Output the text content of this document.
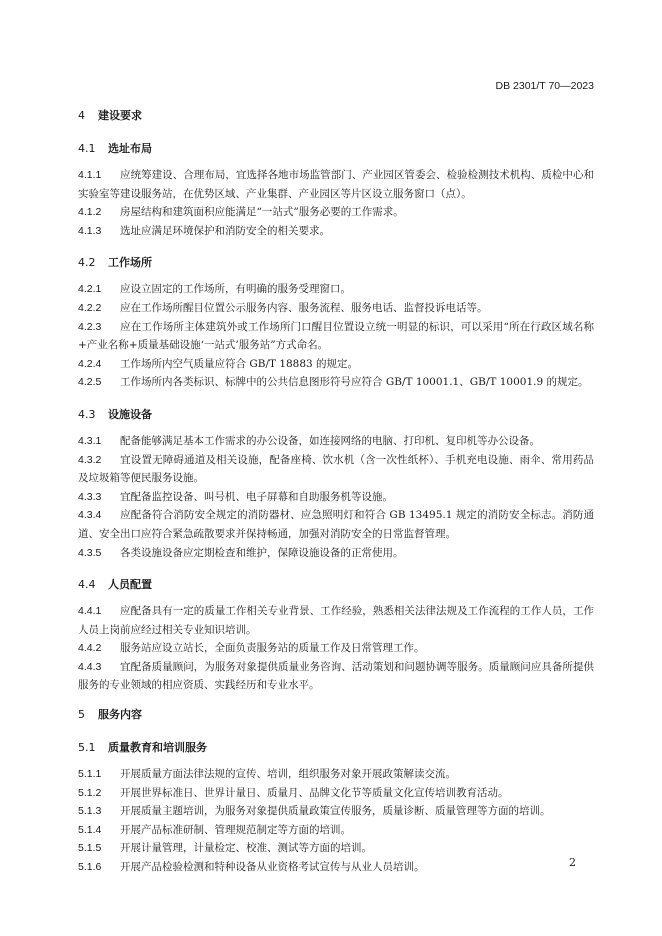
DB 2301/T 70—2023
4 建设要求
4.1 选址布局
4.1.1 应统筹建设、合理布局，宜选择各地市场监管部门、产业园区管委会、检验检测技术机构、质检中心和实验室等建设服务站，在优势区域、产业集群、产业园区等片区设立服务窗口（点）。
4.1.2 房屋结构和建筑面积应能满足“一站式”服务必要的工作需求。
4.1.3 选址应满足环境保护和消防安全的相关要求。
4.2 工作场所
4.2.1 应设立固定的工作场所，有明确的服务受理窗口。
4.2.2 应在工作场所醒目位置公示服务内容、服务流程、服务电话、监督投诉电话等。
4.2.3 应在工作场所主体建筑外或工作场所门口醒目位置设立统一明显的标识，可以采用“所在行政区域名称+产业名称+质量基础设施‘一站式’服务站”方式命名。
4.2.4 工作场所内空气质量应符合 GB/T 18883 的规定。
4.2.5 工作场所内各类标识、标牌中的公共信息图形符号应符合 GB/T 10001.1、GB/T 10001.9 的规定。
4.3 设施设备
4.3.1 配备能够满足基本工作需求的办公设备，如连接网络的电脑、打印机、复印机等办公设备。
4.3.2 宜设置无障碍通道及相关设施，配备座椅、饮水机（含一次性纸杯）、手机充电设施、雨伞、常用药品及垃圾箱等便民服务设施。
4.3.3 宜配备监控设备、叫号机、电子屏幕和自助服务机等设施。
4.3.4 应配备符合消防安全规定的消防器材、应急照明灯和符合 GB 13495.1 规定的消防安全标志。消防通道、安全出口应符合紧急疏散要求并保持畅通，加强对消防安全的日常监督管理。
4.3.5 各类设施设备应定期检查和维护，保障设施设备的正常使用。
4.4 人员配置
4.4.1 应配备具有一定的质量工作相关专业背景、工作经验，熟悉相关法律法规及工作流程的工作人员，工作人员上岗前应经过相关专业知识培训。
4.4.2 服务站应设立站长，全面负责服务站的质量工作及日常管理工作。
4.4.3 宜配备质量顾问，为服务对象提供质量业务咨询、活动策划和问题协调等服务。质量顾问应具备所提供服务的专业领域的相应资质、实践经历和专业水平。
5 服务内容
5.1 质量教育和培训服务
5.1.1 开展质量方面法律法规的宣传、培训，组织服务对象开展政策解读交流。
5.1.2 开展世界标准日、世界计量日、质量月、品牌文化节等质量文化宣传培训教育活动。
5.1.3 开展质量主题培训，为服务对象提供质量政策宣传服务，质量诊断、质量管理等方面的培训。
5.1.4 开展产品标准研制、管理规范制定等方面的培训。
5.1.5 开展计量管理，计量检定、校准、测试等方面的培训。
5.1.6 开展产品检验检测和特种设备从业资格考试宣传与从业人员培训。	2
